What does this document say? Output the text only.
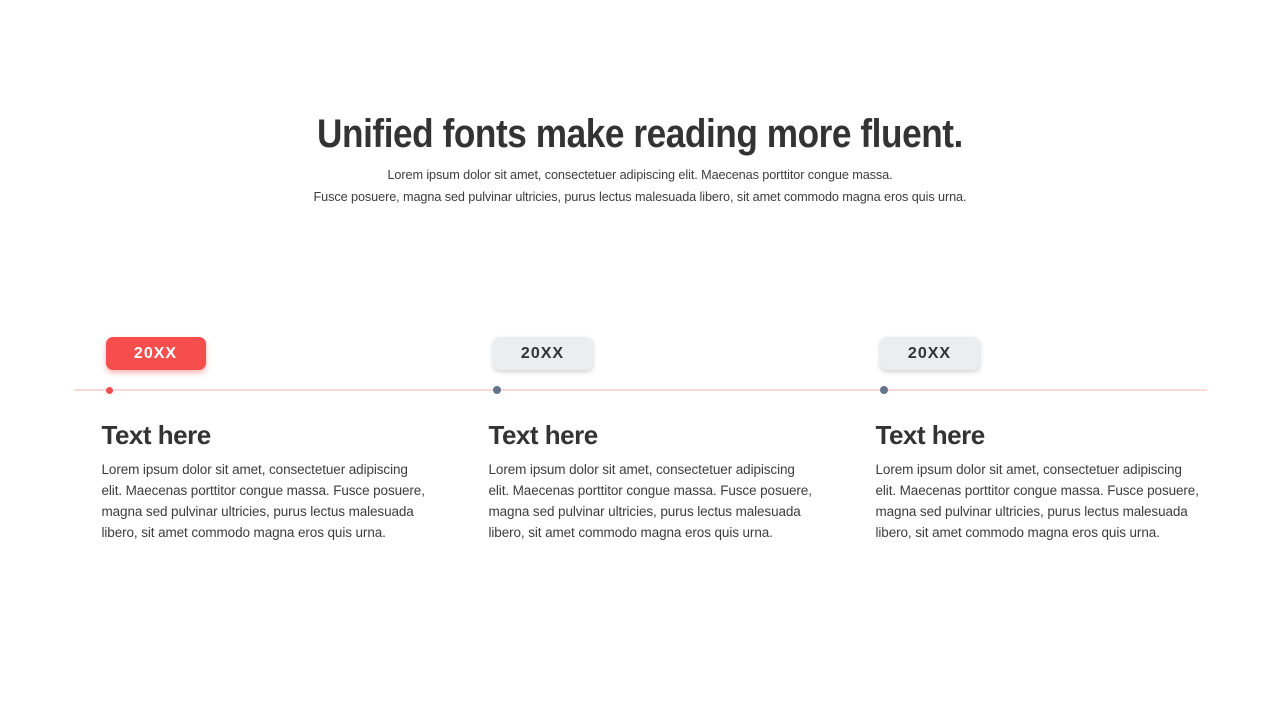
Unified fonts make reading more fluent.

Lorem ipsum dolor sit amet, consectetuer adipiscing elit. Maecenas porttitor congue massa.

Fusce posuere, magna sed pulvinar ultricies, purus lectus malesuada libero, sit amet commodo magna eros quis urna.

20XX
Text here

Lorem ipsum dolor sit amet, consectetuer adipiscing elit. Maecenas porttitor congue massa. Fusce posuere, magna sed pulvinar ultricies, purus lectus malesuada libero, sit amet commodo magna eros quis urna.

20XX
Text here

Lorem ipsum dolor sit amet, consectetuer adipiscing elit. Maecenas porttitor congue massa. Fusce posuere, magna sed pulvinar ultricies, purus lectus malesuada libero, sit amet commodo magna eros quis urna.

20XX
Text here

Lorem ipsum dolor sit amet, consectetuer adipiscing elit. Maecenas porttitor congue massa. Fusce posuere, magna sed pulvinar ultricies, purus lectus malesuada libero, sit amet commodo magna eros quis urna.
